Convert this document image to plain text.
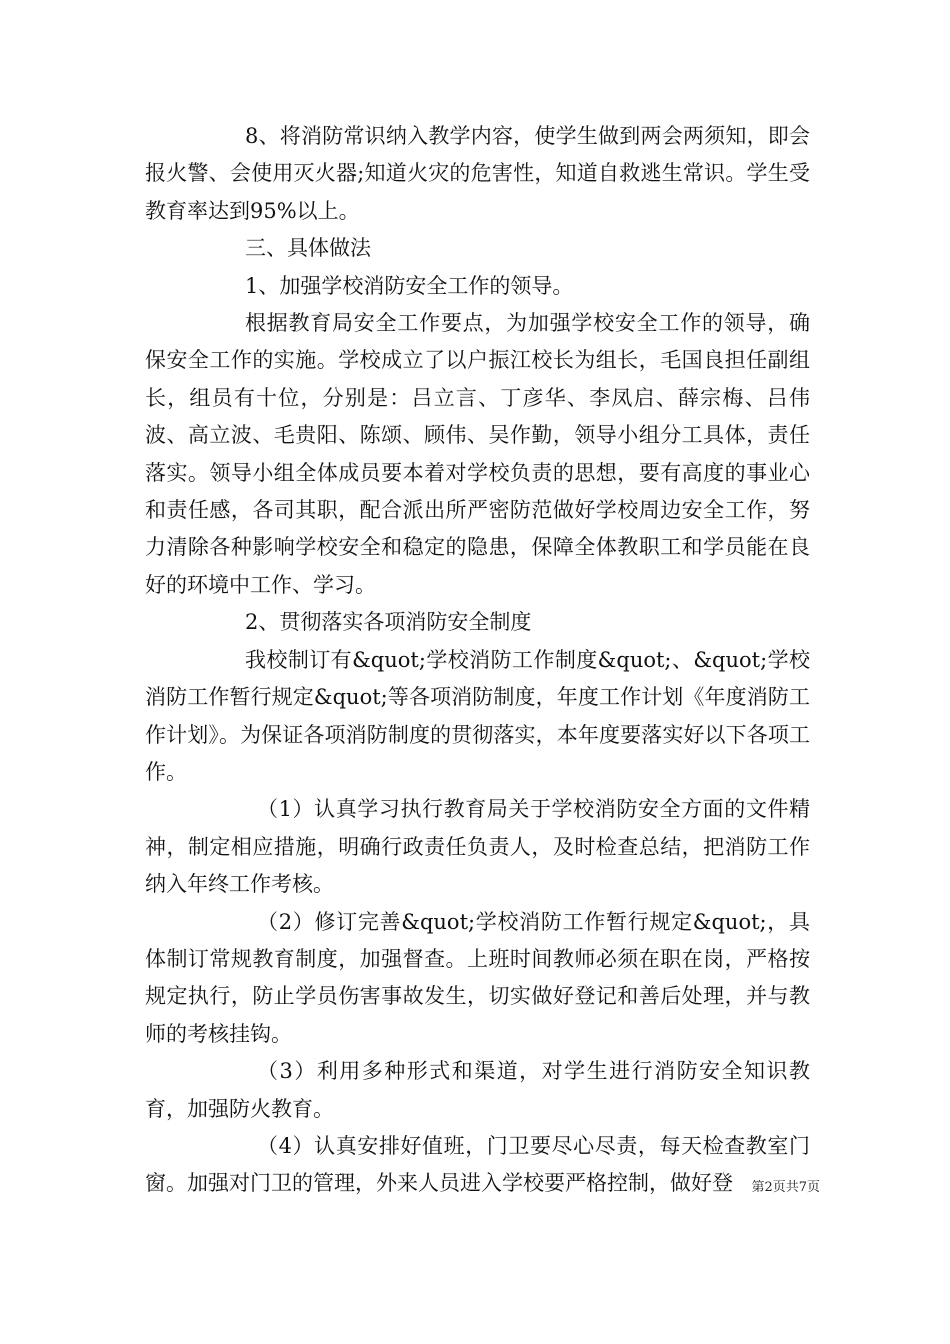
8、将消防常识纳入教学内容，使学生做到两会两须知，即会报火警、会使用灭火器;知道火灾的危害性，知道自救逃生常识。学生受教育率达到95%以上。

三、具体做法

1、加强学校消防安全工作的领导。

根据教育局安全工作要点，为加强学校安全工作的领导，确保安全工作的实施。学校成立了以户振江校长为组长，毛国良担任副组长，组员有十位，分别是：吕立言、丁彦华、李凤启、薛宗梅、吕伟波、高立波、毛贵阳、陈颂、顾伟、吴作勤，领导小组分工具体，责任落实。领导小组全体成员要本着对学校负责的思想，要有高度的事业心和责任感，各司其职，配合派出所严密防范做好学校周边安全工作，努力清除各种影响学校安全和稳定的隐患，保障全体教职工和学员能在良好的环境中工作、学习。

2、贯彻落实各项消防安全制度

我校制订有&quot;学校消防工作制度&quot;、&quot;学校消防工作暂行规定&quot;等各项消防制度，年度工作计划《年度消防工作计划》。为保证各项消防制度的贯彻落实，本年度要落实好以下各项工作。

（1）认真学习执行教育局关于学校消防安全方面的文件精神，制定相应措施，明确行政责任负责人，及时检查总结，把消防工作纳入年终工作考核。

（2）修订完善&quot;学校消防工作暂行规定&quot;，具体制订常规教育制度，加强督查。上班时间教师必须在职在岗，严格按规定执行，防止学员伤害事故发生，切实做好登记和善后处理，并与教师的考核挂钩。

（3）利用多种形式和渠道，对学生进行消防安全知识教育，加强防火教育。

（4）认真安排好值班，门卫要尽心尽责，每天检查教室门窗。加强对门卫的管理，外来人员进入学校要严格控制，做好登	第2页共7页
